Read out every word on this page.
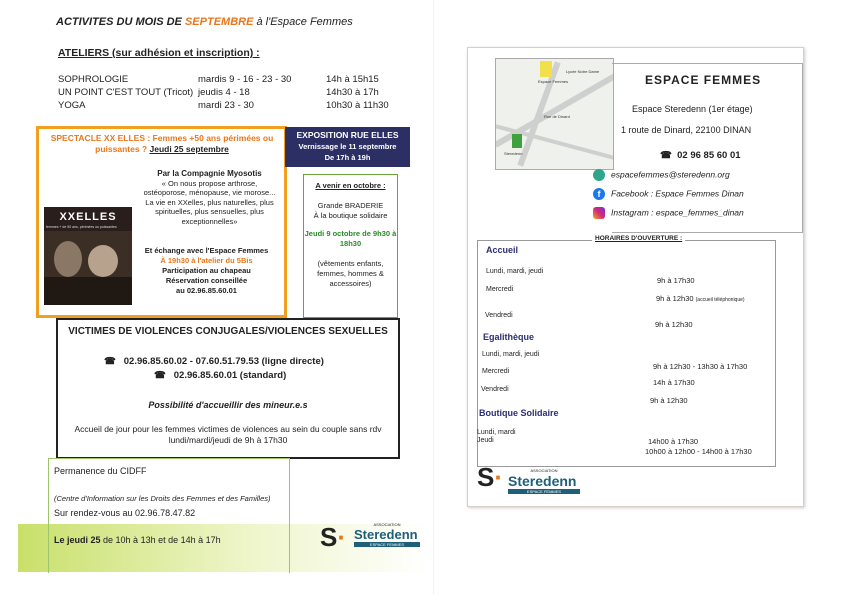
ACTIVITES DU MOIS DE SEPTEMBRE à l'Espace Femmes
ATELIERS (sur adhésion et inscription) :
SOPHROLOGIE	mardis 9 - 16 - 23 - 30	14h à 15h15
UN POINT C'EST TOUT (Tricot) jeudis 4 - 18	14h30 à 17h
YOGA	mardi 23 - 30	10h30 à 11h30
SPECTACLE XX ELLES : Femmes +50 ans périmées ou puissantes ? Jeudi 25 septembre
Par la Compagnie Myosotis
« On nous propose arthrose, ostéoporose, ménopause, vie morose... La vie en XXelles, plus naturelles, plus spirituelles, plus sensuelles, plus exceptionnelles»
Et échange avec l'Espace Femmes
À 19h30 à l'atelier du 5Bis
Participation au chapeau
Réservation conseillée
au 02.96.85.60.01
XXELLES
femmes + de 50 ans, périmées ou puissantes
EXPOSITION RUE ELLES
Vernissage le 11 septembre
De 17h à 19h
A venir en octobre :
Grande BRADERIE
À la boutique solidaire
Jeudi 9 octobre de 9h30 à 18h30
(vêtements enfants, femmes, hommes & accessoires)
VICTIMES DE VIOLENCES CONJUGALES/VIOLENCES SEXUELLES
☎   02.96.85.60.02 - 07.60.51.79.53 (ligne directe)
☎   02.96.85.60.01 (standard)
Possibilité d'accueillir des mineur.e.s
Accueil de jour pour les femmes victimes de violences au sein du couple sans rdv lundi/mardi/jeudi de 9h à 17h30
Permanence du CIDFF
(Centre d'Information sur les Droits des Femmes et des Familles)
Sur rendez-vous au 02.96.78.47.82
Le jeudi 25 de 10h à 13h et de 14h à 17h	S·	ASSOCIATION
Steredenn
ESPACE FEMMES
Espace Femmes
Lycée Notre Dame
Rue de Dinard
Steredenn
ESPACE FEMMES
Espace Steredenn (1er étage)
1 route de Dinard, 22100 DINAN
☎  02 96 85 60 01
espacefemmes@steredenn.org
f Facebook : Espace Femmes Dinan
Instagram : espace_femmes_dinan
HORAIRES D'OUVERTURE :
Accueil
Lundi, mardi, jeudi
9h à 17h30
Mercredi
9h à 12h30 (accueil téléphonique)
Vendredi
9h à 12h30
Egalithèque
Lundi, mardi, jeudi
9h à 12h30 - 13h30 à 17h30
Mercredi
14h à 17h30
Vendredi
9h à 12h30
Boutique Solidaire
Lundi, mardi
14h00 à 17h30
Jeudi
10h00 à 12h00 - 14h00 à 17h30
S·	ASSOCIATION
Steredenn
ESPACE FEMMES
